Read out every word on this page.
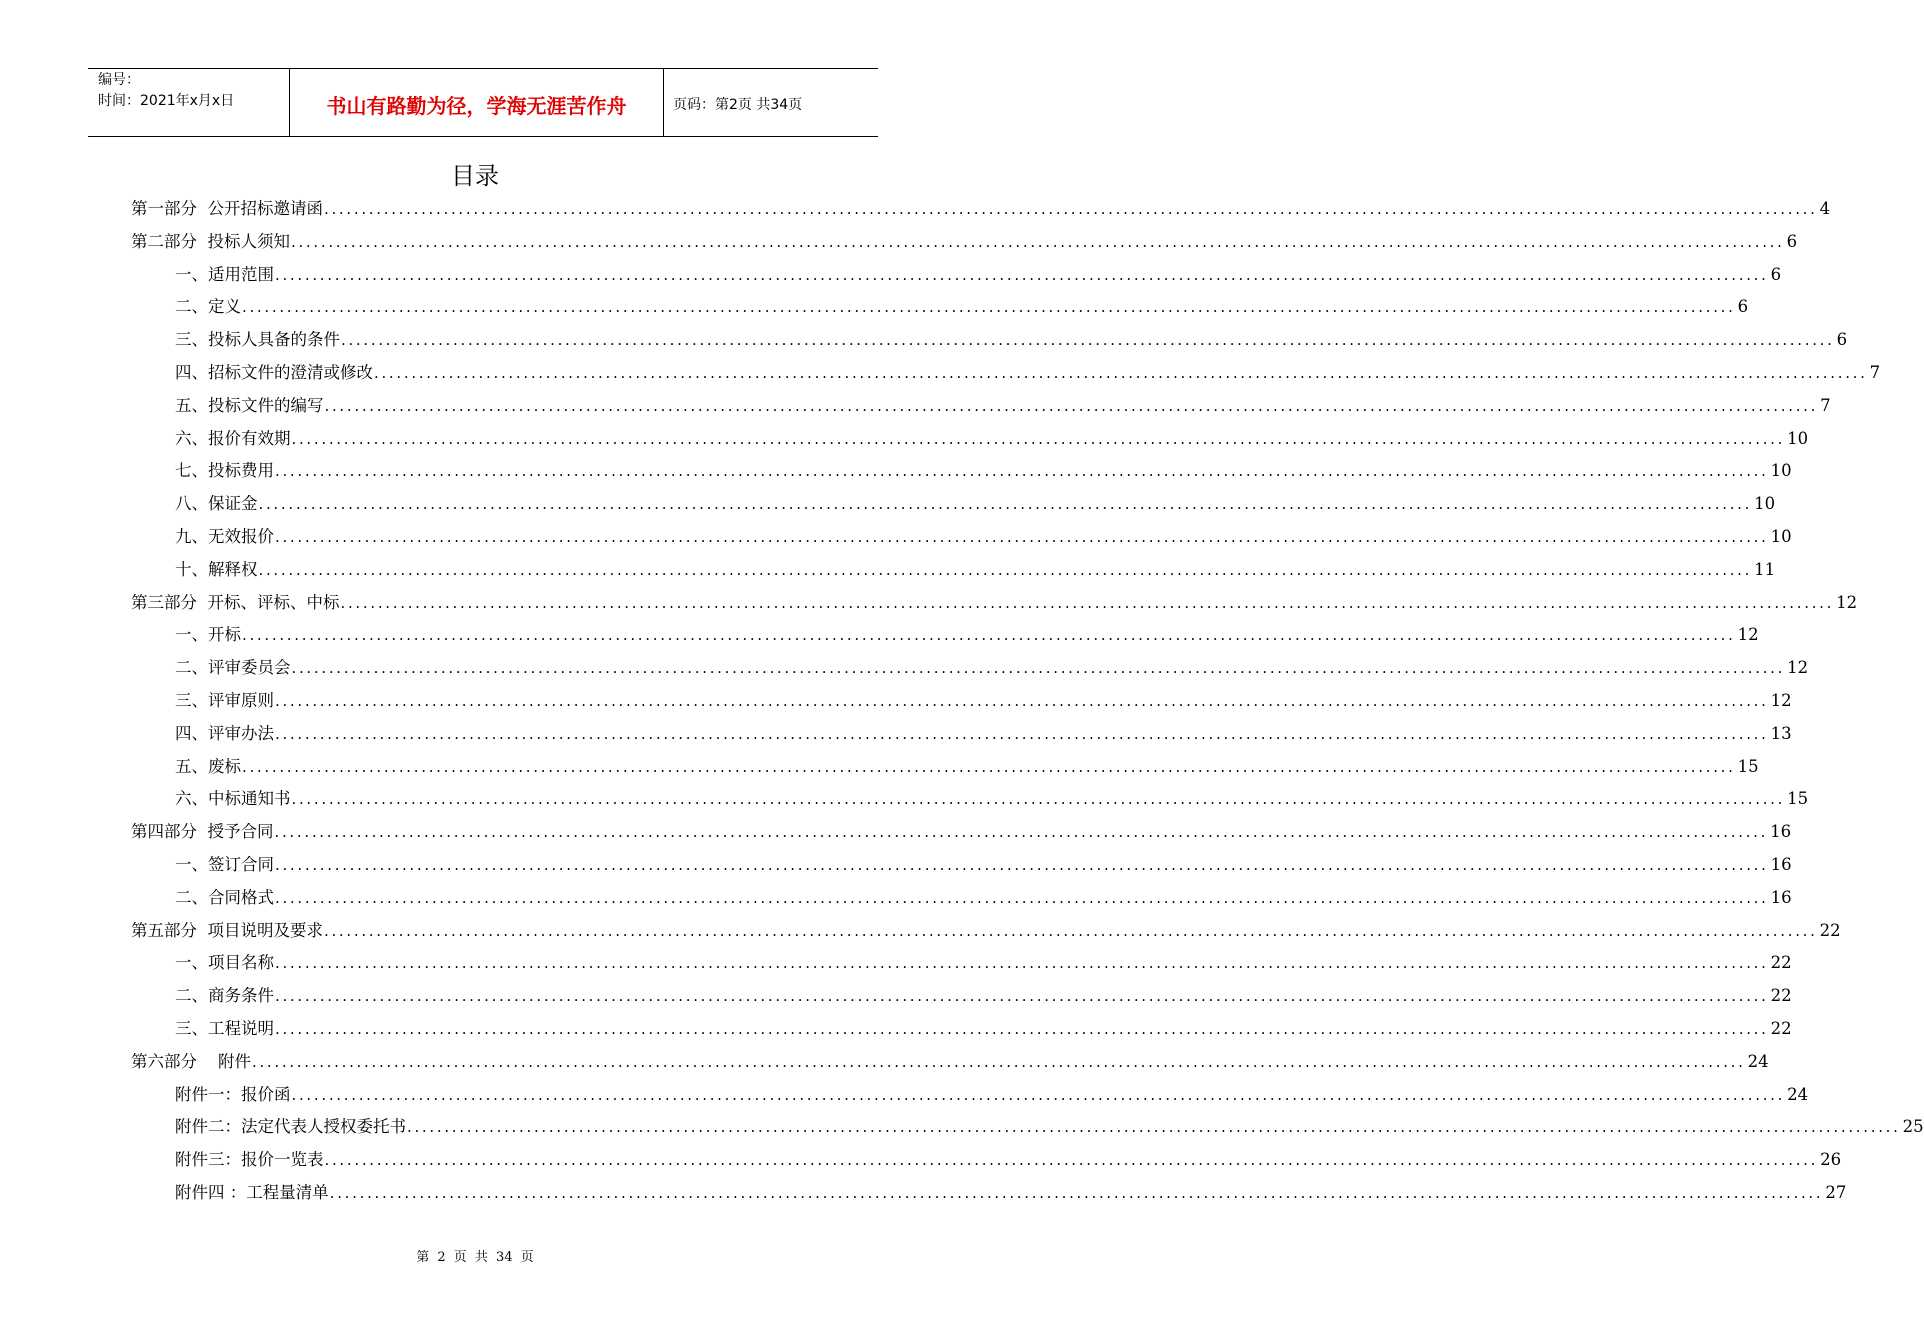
编号：
时间：2021年x月x日	书山有路勤为径，学海无涯苦作舟	页码：第2页 共34页
目录
第一部分  公开招标邀请函 ........................................................................................................................................................................................................ 4
第二部分  投标人须知 ........................................................................................................................................................................................................ 6
一、适用范围 ........................................................................................................................................................................................................ 6
二、定义 ........................................................................................................................................................................................................ 6
三、投标人具备的条件 ........................................................................................................................................................................................................ 6
四、招标文件的澄清或修改 ........................................................................................................................................................................................................ 7
五、投标文件的编写 ........................................................................................................................................................................................................ 7
六、报价有效期 ........................................................................................................................................................................................................ 10
七、投标费用 ........................................................................................................................................................................................................ 10
八、保证金 ........................................................................................................................................................................................................ 10
九、无效报价 ........................................................................................................................................................................................................ 10
十、解释权 ........................................................................................................................................................................................................ 11
第三部分  开标、评标、中标 ........................................................................................................................................................................................................ 12
一、开标 ........................................................................................................................................................................................................ 12
二、评审委员会 ........................................................................................................................................................................................................ 12
三、评审原则 ........................................................................................................................................................................................................ 12
四、评审办法 ........................................................................................................................................................................................................ 13
五、废标 ........................................................................................................................................................................................................ 15
六、中标通知书 ........................................................................................................................................................................................................ 15
第四部分  授予合同 ........................................................................................................................................................................................................ 16
一、签订合同 ........................................................................................................................................................................................................ 16
二、合同格式 ........................................................................................................................................................................................................ 16
第五部分  项目说明及要求 ........................................................................................................................................................................................................ 22
一、项目名称 ........................................................................................................................................................................................................ 22
二、商务条件 ........................................................................................................................................................................................................ 22
三、工程说明 ........................................................................................................................................................................................................ 22
第六部分    附件 ........................................................................................................................................................................................................ 24
附件一：报价函 ........................................................................................................................................................................................................ 24
附件二：法定代表人授权委托书 ........................................................................................................................................................................................................ 25
附件三：报价一览表 ........................................................................................................................................................................................................ 26
附件四 ：工程量清单 ........................................................................................................................................................................................................ 27
第 2 页 共 34 页
